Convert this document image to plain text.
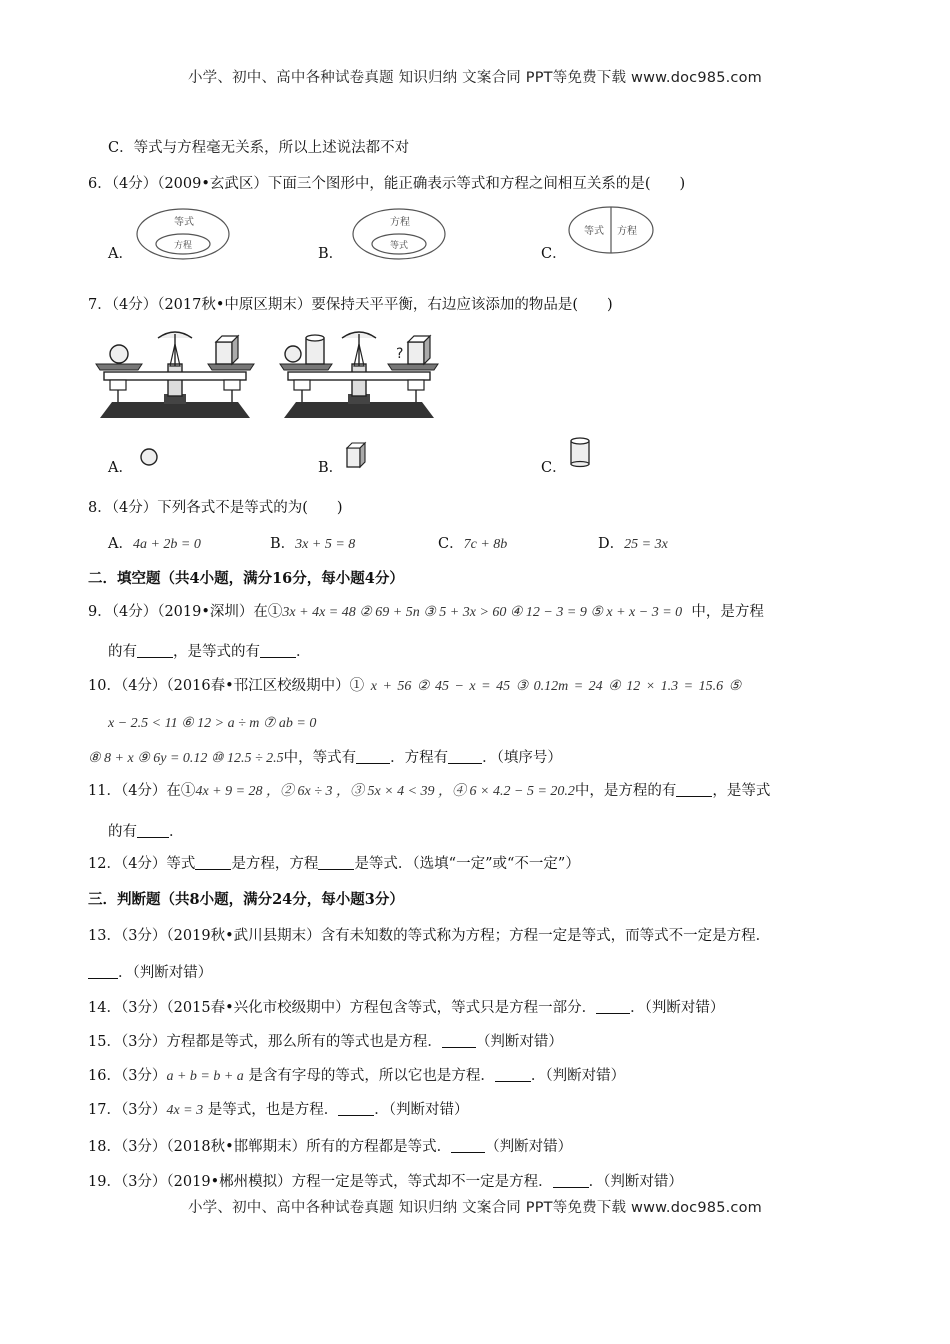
小学、初中、高中各种试卷真题 知识归纳 文案合同 PPT等免费下载 www.doc985.com
C．等式与方程毫无关系，所以上述说法都不对
6．（4分）（2009•玄武区）下面三个图形中，能正确表示等式和方程之间相互关系的是(　　)
A．
等式
方程	B．
方程
等式	C．
等式 方程
7．（4分）（2017秋•中原区期末）要保持天平平衡，右边应该添加的物品是(　　)
?
A．	B．	C．
8．（4分）下列各式不是等式的为(　　)
A．4a + 2b = 0	B．3x + 5 = 8	C．7c + 8b	D．25 = 3x
二．填空题（共4小题，满分16分，每小题4分）
9．（4分）（2019•深圳）在①3x + 4x = 48 ② 69 + 5n ③ 5 + 3x > 60 ④ 12 − 3 = 9 ⑤ x + x − 3 = 0 中，是方程
的有 ，是等式的有 ．
10．（4分）（2016春•邗江区校级期中）① x + 56 ② 45 − x = 45 ③ 0.12m = 24 ④ 12 × 1.3 = 15.6 ⑤
x − 2.5 < 11 ⑥ 12 > a ÷ m ⑦ ab = 0
⑧ 8 + x ⑨ 6y = 0.12 ⑩ 12.5 ÷ 2.5中，等式有 ．方程有 ．（填序号）
11．（4分）在①4x + 9 = 28 ，② 6x ÷ 3 ，③ 5x × 4 < 39 ，④ 6 × 4.2 − 5 = 20.2中，是方程的有 ，是等式
的有 ．
12．（4分）等式 是方程，方程 是等式．（选填“一定”或“不一定”）
三．判断题（共8小题，满分24分，每小题3分）
13．（3分）（2019秋•武川县期末）含有未知数的等式称为方程；方程一定是等式，而等式不一定是方程．
．（判断对错）
14．（3分）（2015春•兴化市校级期中）方程包含等式，等式只是方程一部分． ．（判断对错）
15．（3分）方程都是等式，那么所有的等式也是方程． （判断对错）
16．（3分）a + b = b + a 是含有字母的等式，所以它也是方程． ．（判断对错）
17．（3分）4x = 3 是等式，也是方程． ．（判断对错）
18．（3分）（2018秋•邯郸期末）所有的方程都是等式． （判断对错）
19．（3分）（2019•郴州模拟）方程一定是等式，等式却不一定是方程． ．（判断对错）
小学、初中、高中各种试卷真题 知识归纳 文案合同 PPT等免费下载 www.doc985.com
